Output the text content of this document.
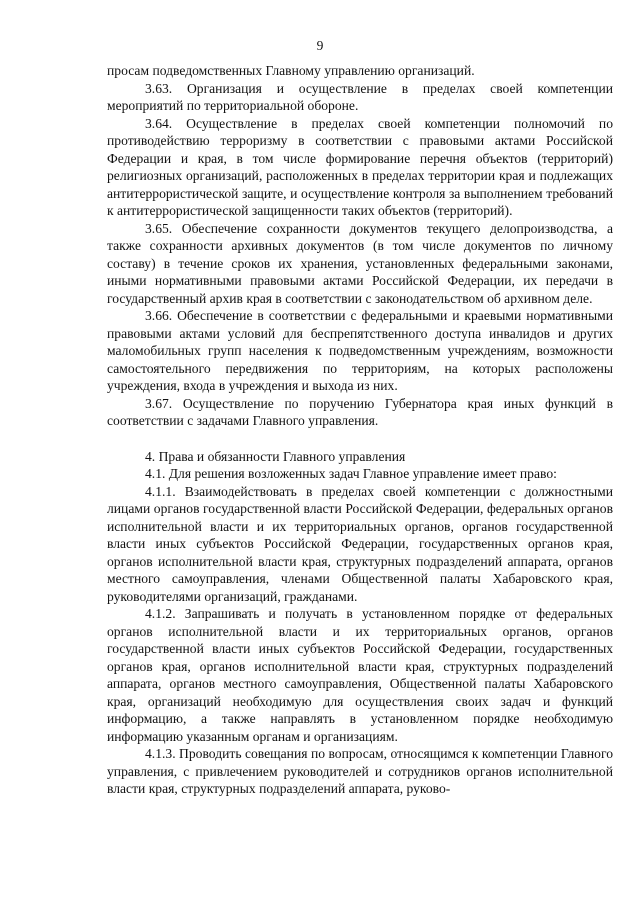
9

просам подведомственных Главному управлению организаций.

3.63. Организация и осуществление в пределах своей компетенции мероприятий по территориальной обороне.

3.64. Осуществление в пределах своей компетенции полномочий по противодействию терроризму в соответствии с правовыми актами Российской Федерации и края, в том числе формирование перечня объектов (территорий) религиозных организаций, расположенных в пределах территории края и подлежащих антитеррористической защите, и осуществление контроля за выполнением требований к антитеррористической защищенности таких объектов (территорий).

3.65. Обеспечение сохранности документов текущего делопроизводства, а также сохранности архивных документов (в том числе документов по личному составу) в течение сроков их хранения, установленных федеральными законами, иными нормативными правовыми актами Российской Федерации, их передачи в государственный архив края в соответствии с законодательством об архивном деле.

3.66. Обеспечение в соответствии с федеральными и краевыми нормативными правовыми актами условий для беспрепятственного доступа инвалидов и других маломобильных групп населения к подведомственным учреждениям, возможности самостоятельного передвижения по территориям, на которых расположены учреждения, входа в учреждения и выхода из них.

3.67. Осуществление по поручению Губернатора края иных функций в соответствии с задачами Главного управления.

4. Права и обязанности Главного управления

4.1. Для решения возложенных задач Главное управление имеет право:

4.1.1. Взаимодействовать в пределах своей компетенции с должностными лицами органов государственной власти Российской Федерации, федеральных органов исполнительной власти и их территориальных органов, органов государственной власти иных субъектов Российской Федерации, государственных органов края, органов исполнительной власти края, структурных подразделений аппарата, органов местного самоуправления, членами Общественной палаты Хабаровского края, руководителями организаций, гражданами.

4.1.2. Запрашивать и получать в установленном порядке от федеральных органов исполнительной власти и их территориальных органов, органов государственной власти иных субъектов Российской Федерации, государственных органов края, органов исполнительной власти края, структурных подразделений аппарата, органов местного самоуправления, Общественной палаты Хабаровского края, организаций необходимую для осуществления своих задач и функций информацию, а также направлять в установленном порядке необходимую информацию указанным органам и организациям.

4.1.3. Проводить совещания по вопросам, относящимся к компетенции Главного управления, с привлечением руководителей и сотрудников органов исполнительной власти края, структурных подразделений аппарата, руково-
